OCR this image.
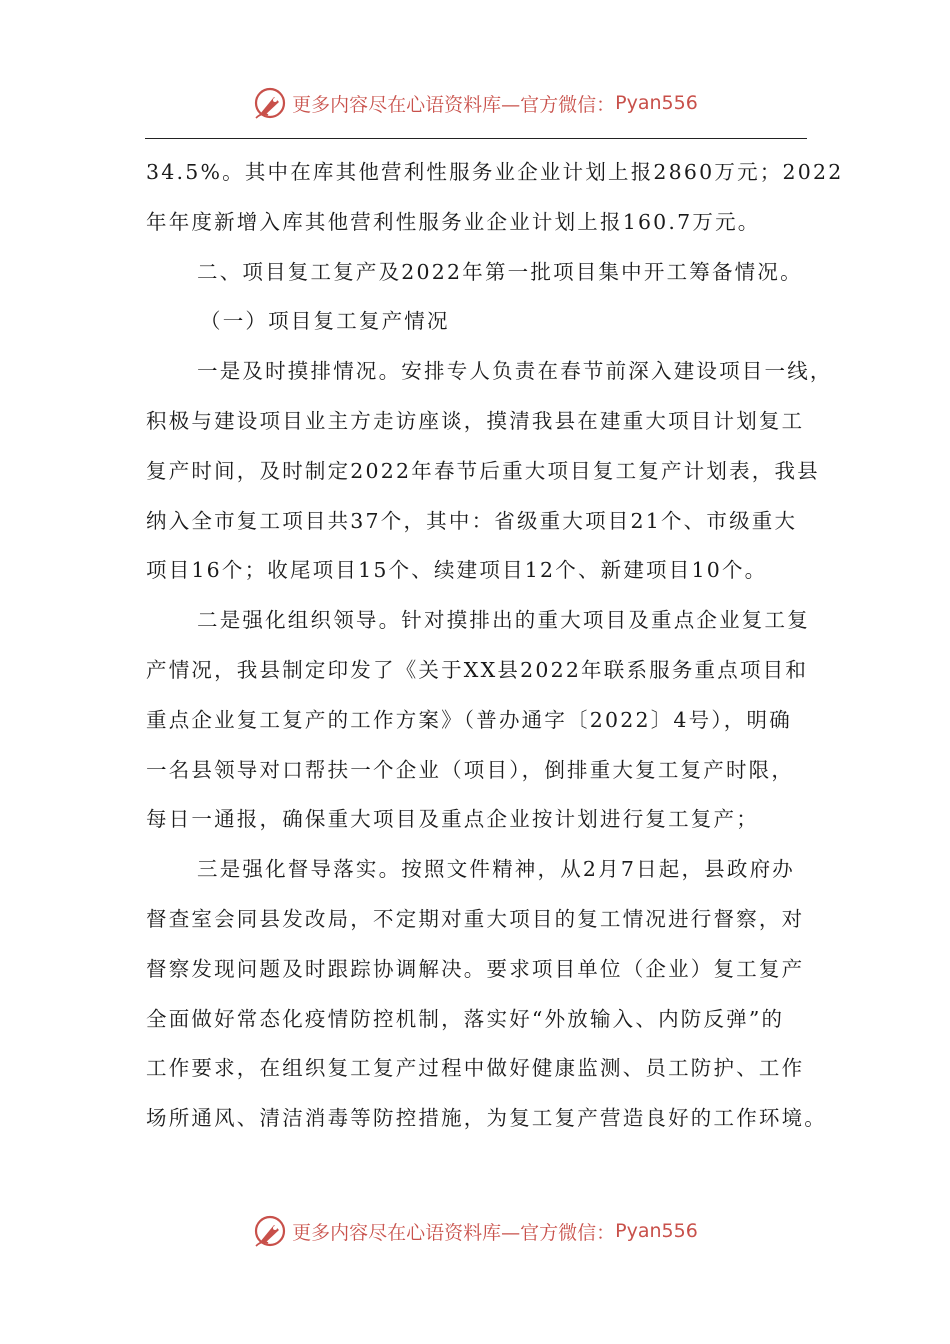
更多内容尽在心语资料库—官方微信： Pyan556
34.5%。其中在库其他营利性服务业企业计划上报2860万元；2022
年年度新增入库其他营利性服务业企业计划上报160.7万元。
二、项目复工复产及2022年第一批项目集中开工筹备情况。
（一）项目复工复产情况
一是及时摸排情况。安排专人负责在春节前深入建设项目一线，
积极与建设项目业主方走访座谈，摸清我县在建重大项目计划复工
复产时间，及时制定2022年春节后重大项目复工复产计划表，我县
纳入全市复工项目共37个，其中：省级重大项目21个、市级重大
项目16个；收尾项目15个、续建项目12个、新建项目10个。
二是强化组织领导。针对摸排出的重大项目及重点企业复工复
产情况，我县制定印发了《关于XX县2022年联系服务重点项目和
重点企业复工复产的工作方案》（普办通字〔2022〕4号），明确
一名县领导对口帮扶一个企业（项目），倒排重大复工复产时限，
每日一通报，确保重大项目及重点企业按计划进行复工复产；
三是强化督导落实。按照文件精神，从2月7日起，县政府办
督查室会同县发改局，不定期对重大项目的复工情况进行督察，对
督察发现问题及时跟踪协调解决。要求项目单位（企业）复工复产
全面做好常态化疫情防控机制，落实好“外放输入、内防反弹”的
工作要求，在组织复工复产过程中做好健康监测、员工防护、工作
场所通风、清洁消毒等防控措施，为复工复产营造良好的工作环境。
更多内容尽在心语资料库—官方微信： Pyan556
